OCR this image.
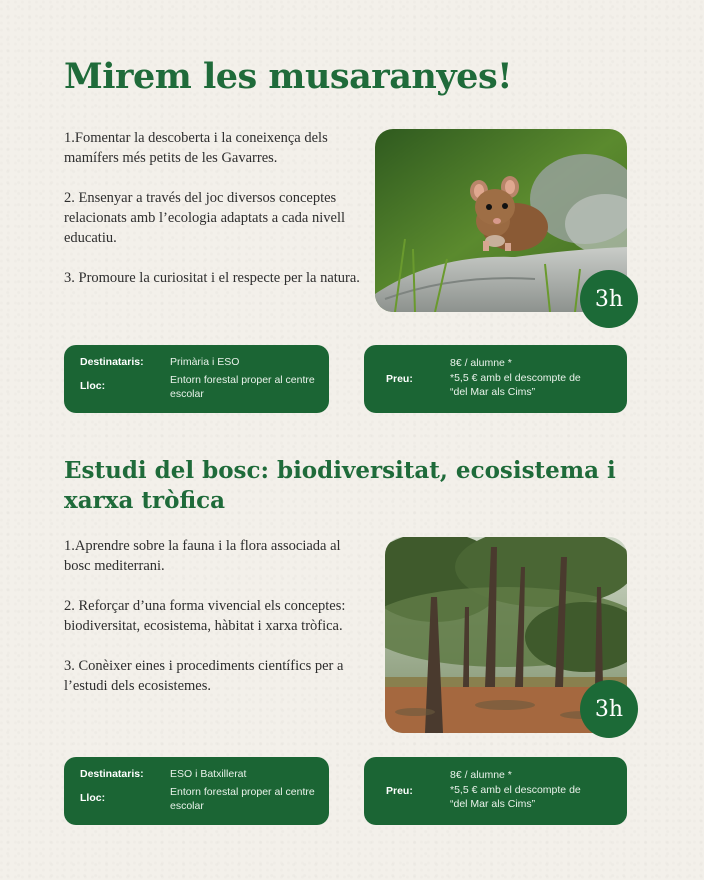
Mirem les musaranyes!

1.Fomentar la descoberta i la coneixença dels mamífers més petits de les Gavarres.

2. Ensenyar a través del joc diversos conceptes relacionats amb l’ecologia adaptats a cada nivell educatiu.

3. Promoure la curiositat i el respecte per la natura.

3h
Destinataris:	Primària i ESO
Lloc:	Entorn forestal proper al centre escolar
Preu:
8€ / alumne *
*5,5 € amb el descompte de
“del Mar als Cims”
Estudi del bosc: biodiversitat, ecosistema i xarxa tròfica

1.Aprendre sobre la fauna i la flora associada al bosc mediterrani.

2. Reforçar d’una forma vivencial els conceptes: biodiversitat, ecosistema, hàbitat i xarxa tròfica.

3. Conèixer eines i procediments científics per a l’estudi dels ecosistemes.

3h
Destinataris:	ESO i Batxillerat
Lloc:	Entorn forestal proper al centre escolar
Preu:
8€ / alumne *
*5,5 € amb el descompte de
“del Mar als Cims”
